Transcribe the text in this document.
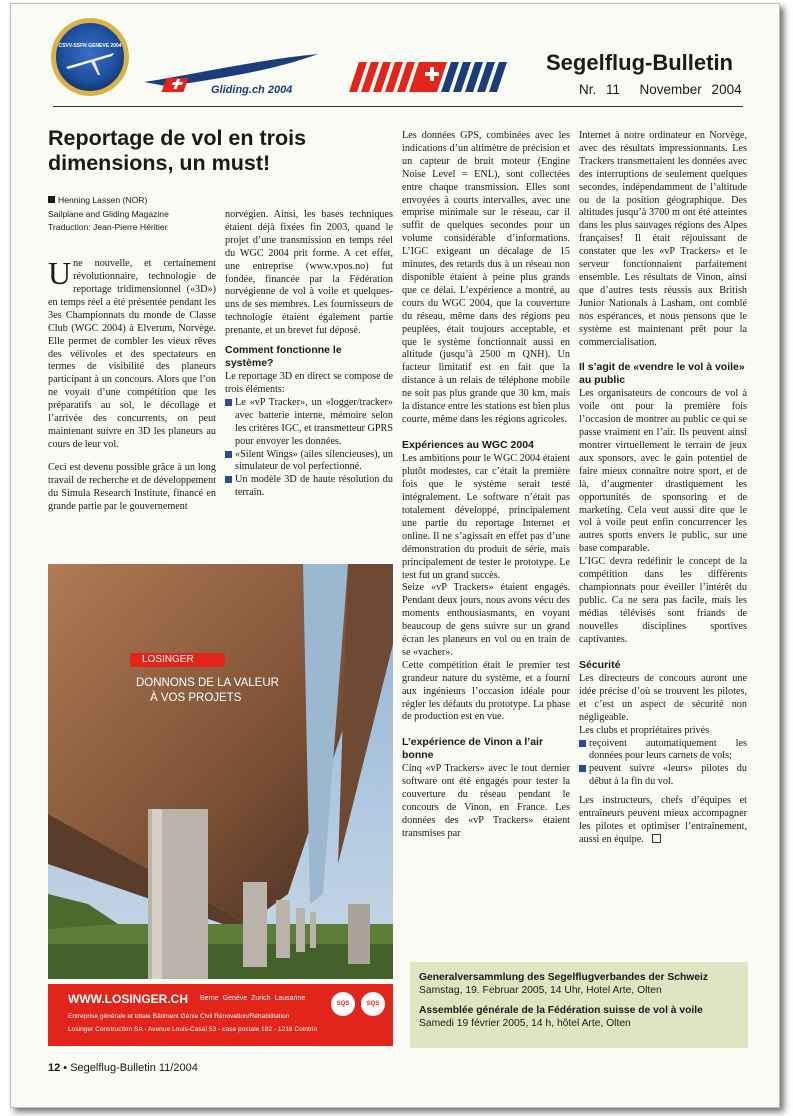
CSVV-SSFN GENEVE 2004
Gliding.ch 2004
Segelflug-Bulletin
Nr. 11 November 2004
Reportage de vol en trois dimensions, un must!
Henning Lassen (NOR)
Sailplane and Gliding Magazine
Traduction: Jean-Pierre Héritier

Une nouvelle, et certainement révolutionnaire, technologie de reportage tridimensionnel («3D») en temps réel a été présentée pendant les 3es Championnats du monde de Classe Club (WGC 2004) à Elverum, Norvège. Elle permet de combler les vieux rêves des vélivoles et des spectateurs en termes de visibilité des planeurs participant à un concours. Alors que l’on ne voyait d’une compétition que les préparatifs au sol, le décollage et l’arrivée des concurrents, on peut maintenant suivre en 3D les planeurs au cours de leur vol.

Ceci est devenu possible grâce à un long travail de recherche et de développement du Simula Research Institute, financé en grande partie par le gouvernement

norvégien. Ainsi, les bases techniques étaient déjà fixées fin 2003, quand le projet d’une transmission en temps réel du WGC 2004 prit forme. A cet effet, une entreprise (www.vpos.no) fut fondée, financée par la Fédération norvégienne de vol à voile et quelques-uns de ses membres. Les fournisseurs de technologie étaient également partie prenante, et un brevet fut déposé.

Comment fonctionne le système?

Le reportage 3D en direct se compose de trois éléments:

Le «vP Tracker», un «logger/tracker» avec batterie interne, mémoire selon les critères IGC, et transmetteur GPRS pour envoyer les données.
«Silent Wings» (ailes silencieuses), un simulateur de vol perfectionné.
Un modèle 3D de haute résolution du terrain.

Les données GPS, combinées avec les indications d’un altimètre de précision et un capteur de bruit moteur (Engine Noise Level = ENL), sont collectées entre chaque transmission. Elles sont envoyées à courts intervalles, avec une emprise minimale sur le réseau, car il suffit de quelques secondes pour un volume considérable d’informations. L’IGC exigeant un décalage de 15 minutes, des retards dus à un réseau non disponible étaient à peine plus grands que ce délai. L’expérience a montré, au cours du WGC 2004, que la couverture du réseau, même dans des régions peu peuplées, était toujours acceptable, et que le système fonctionnait aussi en altitude (jusqu’à 2500 m QNH). Un facteur limitatif est en fait que la distance à un relais de téléphone mobile ne soit pas plus grande que 30 km, mais la distance entre les stations est bien plus courte, même dans les régions agricoles.

Expériences au WGC 2004

Les ambitions pour le WGC 2004 étaient plutôt modestes, car c’était la première fois que le système serait testé intégralement. Le software n’était pas totalement développé, principalement une partie du reportage Internet et online. Il ne s’agissait en effet pas d’une démonstration du produit de série, mais principalement de tester le prototype. Le test fut un grand succès.

Seize «vP Trackers» étaient engagés. Pendant deux jours, nous avons vécu des moments enthousiasmants, en voyant beaucoup de gens suivre sur un grand écran les planeurs en vol ou en train de se «vacher».

Cette compétition était le premier test grandeur nature du système, et a fourni aux ingénieurs l’occasion idéale pour régler les défauts du prototype. La phase de production est en vue.

L’expérience de Vinon a l’air bonne

Cinq «vP Trackers» avec le tout dernier software ont été engagés pour tester la couverture du réseau pendant le concours de Vinon, en France. Les données des «vP Trackers» étaient transmises par

Internet à notre ordinateur en Norvège, avec des résultats impressionnants. Les Trackers transmettaient les données avec des interruptions de seulement quelques secondes, indépendamment de l’altitude ou de la position géographique. Des altitudes jusqu’à 3700 m ont été atteintes dans les plus sauvages régions des Alpes françaises! Il était réjouissant de constater que les «vP Trackers» et le serveur fonctionnaient parfaitement ensemble. Les résultats de Vinon, ainsi que d’autres tests réussis aux British Junior Nationals à Lasham, ont comblé nos espérances, et nous pensons que le système est maintenant prêt pour la commercialisation.

Il s’agit de «vendre le vol à voile» au public

Les organisateurs de concours de vol à voile ont pour la première fois l’occasion de montrer au public ce qui se passe vraiment en l’air. Ils peuvent ainsi montrer virtuellement le terrain de jeux aux sponsors, avec le gain potentiel de faire mieux connaître notre sport, et de là, d’augmenter drastiquement les opportunités de sponsoring et de marketing. Cela veut aussi dire que le vol à voile peut enfin concurrencer les autres sports envers le public, sur une base comparable.

L’IGC devra redéfinir le concept de la compétition dans les différents championnats pour éveiller l’intérêt du public. Ca ne sera pas facile, mais les médias télévisés sont friands de nouvelles disciplines sportives captivantes.

Sécurité

Les directeurs de concours auront une idée précise d’où se trouvent les pilotes, et c’est un aspect de sécurité non négligeable.

Les clubs et propriétaires privés

reçoivent automatiquement les données pour leurs carnets de vols;
peuvent suivre «leurs» pilotes du début à la fin du vol.

Les instructeurs, chefs d’équipes et entraîneurs peuvent mieux accompagner les pilotes et optimiser l’entraînement, aussi en équipe.

LOSINGER
DONNONS DE LA VALEUR
À VOS PROJETS
WWW.LOSINGER.CH Berne Genève Zurich Lausanne
Entreprise générale et totale Bâtiment Génie Civil Rénovation/Réhabilitation
Losinger Construction SA - Avenue Louis-Casaï 53 - case postale 182 - 1216 Cointrin
SQS	SQS
Generalversammlung des Segelflugverbandes der Schweiz
Samstag, 19. Februar 2005, 14 Uhr, Hotel Arte, Olten
Assemblée générale de la Fédération suisse de vol à voile
Samedi 19 février 2005, 14 h, hôtel Arte, Olten
12 • Segelflug-Bulletin 11/2004
